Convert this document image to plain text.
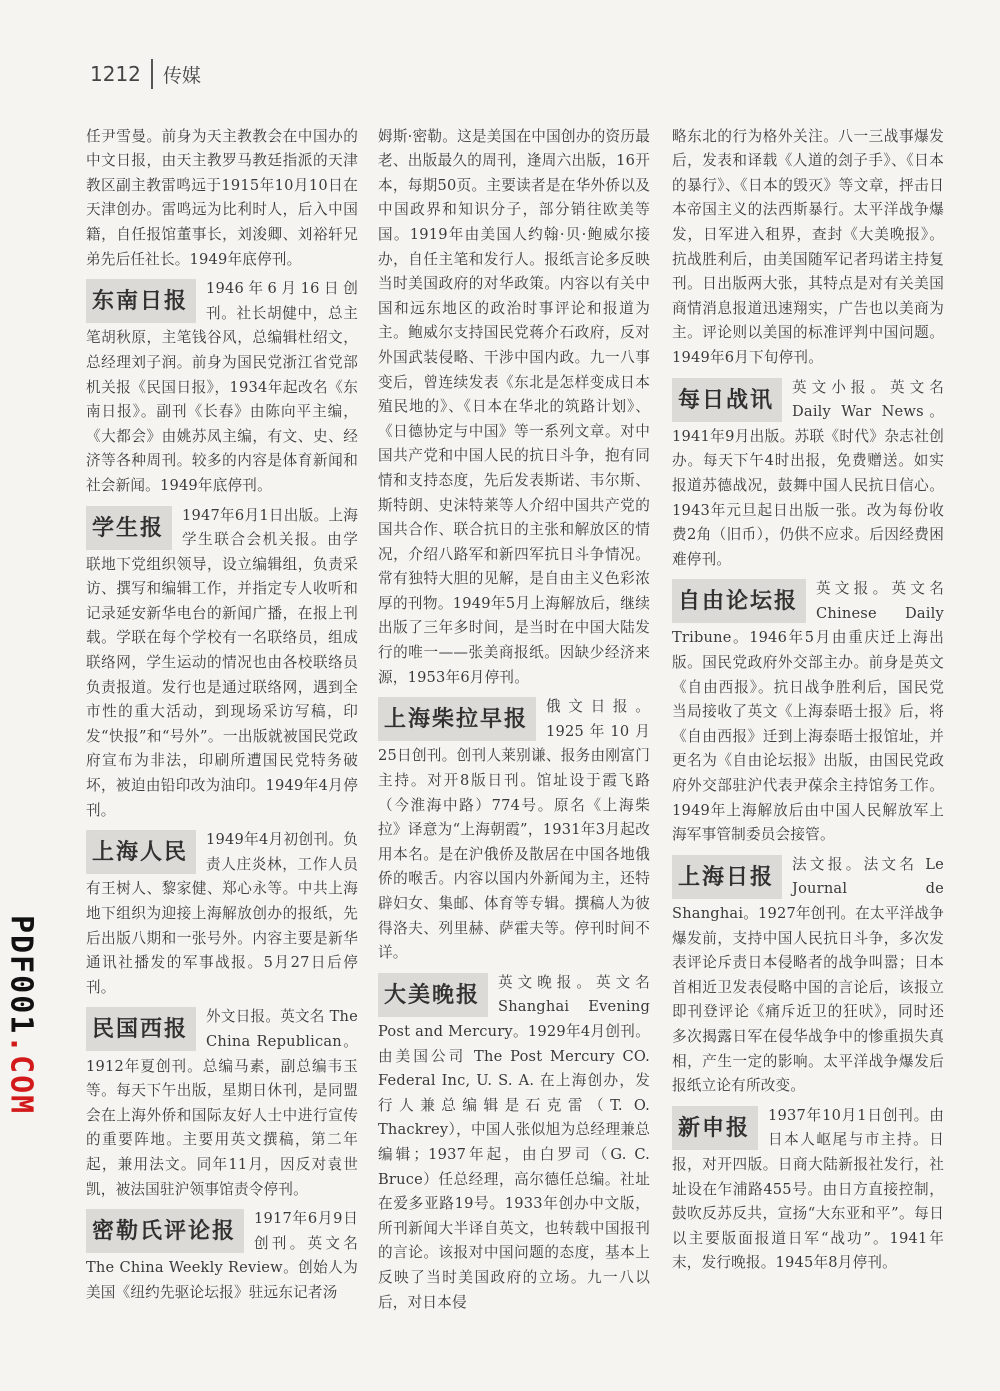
1212 传媒

任尹雪曼。前身为天主教教会在中国办的中文日报，由天主教罗马教廷指派的天津教区副主教雷鸣远于1915年10月10日在天津创办。雷鸣远为比利时人，后入中国籍，自任报馆董事长，刘浚卿、刘裕轩兄弟先后任社长。1949年底停刊。

东南日报	1946年6月16日创刊。社长胡健中，总主笔胡秋原，主笔钱谷风，总编辑杜绍文，总经理刘子润。前身为国民党浙江省党部机关报《民国日报》，1934年起改名《东南日报》。副刊《长春》由陈向平主编，《大都会》由姚苏凤主编，有文、史、经济等各种周刊。较多的内容是体育新闻和社会新闻。1949年底停刊。

学生报	1947年6月1日出版。上海学生联合会机关报。由学联地下党组织领导，设立编辑组，负责采访、撰写和编辑工作，并指定专人收听和记录延安新华电台的新闻广播，在报上刊载。学联在每个学校有一名联络员，组成联络网，学生运动的情况也由各校联络员负责报道。发行也是通过联络网，遇到全市性的重大活动，到现场采访写稿，印发“快报”和“号外”。一出版就被国民党政府宣布为非法，印刷所遭国民党特务破坏，被迫由铅印改为油印。1949年4月停刊。

上海人民	1949年4月初创刊。负责人庄炎林，工作人员有王树人、黎家健、郑心永等。中共上海地下组织为迎接上海解放创办的报纸，先后出版八期和一张号外。内容主要是新华通讯社播发的军事战报。5月27日后停刊。

民国西报	外文日报。英文名 The China Republican。1912年夏创刊。总编马素，副总编韦玉等。每天下午出版，星期日休刊，是同盟会在上海外侨和国际友好人士中进行宣传的重要阵地。主要用英文撰稿，第二年起，兼用法文。同年11月，因反对袁世凯，被法国驻沪领事馆责令停刊。

密勒氏评论报	1917年6月9日创刊。英文名 The China Weekly Review。创始人为美国《纽约先驱论坛报》驻远东记者汤

姆斯·密勒。这是美国在中国创办的资历最老、出版最久的周刊，逢周六出版，16开本，每期50页。主要读者是在华外侨以及中国政界和知识分子，部分销往欧美等国。1919年由美国人约翰·贝·鲍威尔接办，自任主笔和发行人。报纸言论多反映当时美国政府的对华政策。内容以有关中国和远东地区的政治时事评论和报道为主。鲍威尔支持国民党蒋介石政府，反对外国武装侵略、干涉中国内政。九一八事变后，曾连续发表《东北是怎样变成日本殖民地的》、《日本在华北的筑路计划》、《日德协定与中国》等一系列文章。对中国共产党和中国人民的抗日斗争，抱有同情和支持态度，先后发表斯诺、韦尔斯、斯特朗、史沫特莱等人介绍中国共产党的国共合作、联合抗日的主张和解放区的情况，介绍八路军和新四军抗日斗争情况。常有独特大胆的见解，是自由主义色彩浓厚的刊物。1949年5月上海解放后，继续出版了三年多时间，是当时在中国大陆发行的唯一——张美商报纸。因缺少经济来源，1953年6月停刊。

上海柴拉早报	俄文日报。1925年10月25日创刊。创刊人莱别谦、报务由刚富门主持。对开8版日刊。馆址设于霞飞路（今淮海中路）774号。原名《上海柴拉》译意为“上海朝霞”，1931年3月起改用本名。是在沪俄侨及散居在中国各地俄侨的喉舌。内容以国内外新闻为主，还特辟妇女、集邮、体育等专辑。撰稿人为彼得洛夫、列里赫、萨霍夫等。停刊时间不详。

大美晚报	英文晚报。英文名 Shanghai Evening Post and Mercury。1929年4月创刊。由美国公司 The Post Mercury CO. Federal Inc, U. S. A. 在上海创办，发行人兼总编辑是石克雷（T. O. Thackrey），中国人张似旭为总经理兼总编辑；1937年起，由白罗司（G. C. Bruce）任总经理，高尔德任总编。社址在爱多亚路19号。1933年创办中文版，所刊新闻大半译自英文，也转载中国报刊的言论。该报对中国问题的态度，基本上反映了当时美国政府的立场。九一八以后，对日本侵

略东北的行为格外关注。八一三战事爆发后，发表和译载《人道的刽子手》、《日本的暴行》、《日本的毁灭》等文章，抨击日本帝国主义的法西斯暴行。太平洋战争爆发，日军进入租界，查封《大美晚报》。抗战胜利后，由美国随军记者玛诺主持复刊。日出版两大张，其特点是对有关美国商情消息报道迅速翔实，广告也以美商为主。评论则以美国的标准评判中国问题。1949年6月下旬停刊。

每日战讯	英文小报。英文名 Daily War News。1941年9月出版。苏联《时代》杂志社创办。每天下午4时出报，免费赠送。如实报道苏德战况，鼓舞中国人民抗日信心。1943年元旦起日出版一张。改为每份收费2角（旧币），仍供不应求。后因经费困难停刊。

自由论坛报	英文报。英文名 Chinese Daily Tribune。1946年5月由重庆迁上海出版。国民党政府外交部主办。前身是英文《自由西报》。抗日战争胜利后，国民党当局接收了英文《上海泰晤士报》后，将《自由西报》迁到上海泰晤士报馆址，并更名为《自由论坛报》出版，由国民党政府外交部驻沪代表尹葆余主持馆务工作。1949年上海解放后由中国人民解放军上海军事管制委员会接管。

上海日报	法文报。法文名 Le Journal de Shanghai。1927年创刊。在太平洋战争爆发前，支持中国人民抗日斗争，多次发表评论斥责日本侵略者的战争叫嚣；日本首相近卫发表侵略中国的言论后，该报立即刊登评论《痛斥近卫的狂吠》，同时还多次揭露日军在侵华战争中的惨重损失真相，产生一定的影响。太平洋战争爆发后报纸立论有所改变。

新申报	1937年10月1日创刊。由日本人岖尾与市主持。日报，对开四版。日商大陆新报社发行，社址设在乍浦路455号。由日方直接控制，鼓吹反苏反共，宣扬“大东亚和平”。每日以主要版面报道日军“战功”。1941年末，发行晚报。1945年8月停刊。

PDF001
.COM
